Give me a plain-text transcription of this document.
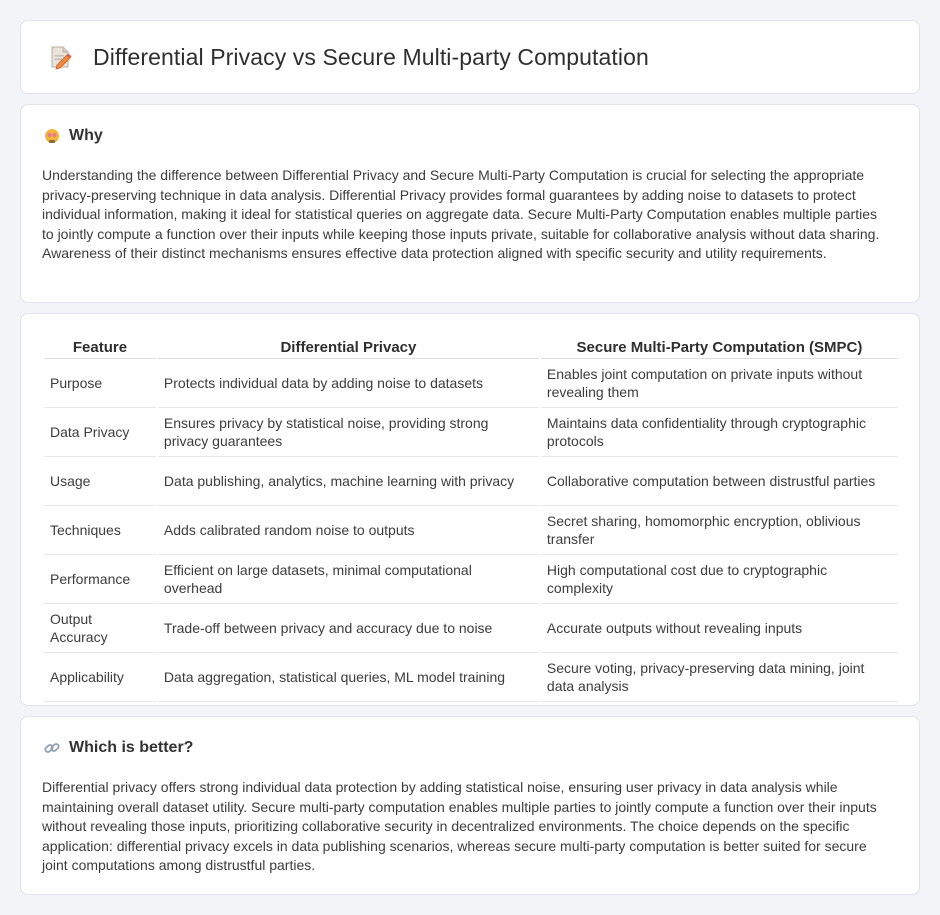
Differential Privacy vs Secure Multi-party Computation
Why

Understanding the difference between Differential Privacy and Secure Multi-Party Computation is crucial for selecting the appropriate privacy-preserving technique in data analysis. Differential Privacy provides formal guarantees by adding noise to datasets to protect individual information, making it ideal for statistical queries on aggregate data. Secure Multi-Party Computation enables multiple parties to jointly compute a function over their inputs while keeping those inputs private, suitable for collaborative analysis without data sharing. Awareness of their distinct mechanisms ensures effective data protection aligned with specific security and utility requirements.

Feature	Differential Privacy	Secure Multi-Party Computation (SMPC)
Purpose	Protects individual data by adding noise to datasets	Enables joint computation on private inputs without revealing them
Data Privacy	Ensures privacy by statistical noise, providing strong privacy guarantees	Maintains data confidentiality through cryptographic protocols
Usage	Data publishing, analytics, machine learning with privacy	Collaborative computation between distrustful parties
Techniques	Adds calibrated random noise to outputs	Secret sharing, homomorphic encryption, oblivious transfer
Performance	Efficient on large datasets, minimal computational overhead	High computational cost due to cryptographic complexity
Output Accuracy	Trade-off between privacy and accuracy due to noise	Accurate outputs without revealing inputs
Applicability	Data aggregation, statistical queries, ML model training	Secure voting, privacy-preserving data mining, joint data analysis
Which is better?

Differential privacy offers strong individual data protection by adding statistical noise, ensuring user privacy in data analysis while maintaining overall dataset utility. Secure multi-party computation enables multiple parties to jointly compute a function over their inputs without revealing those inputs, prioritizing collaborative security in decentralized environments. The choice depends on the specific application: differential privacy excels in data publishing scenarios, whereas secure multi-party computation is better suited for secure joint computations among distrustful parties.
